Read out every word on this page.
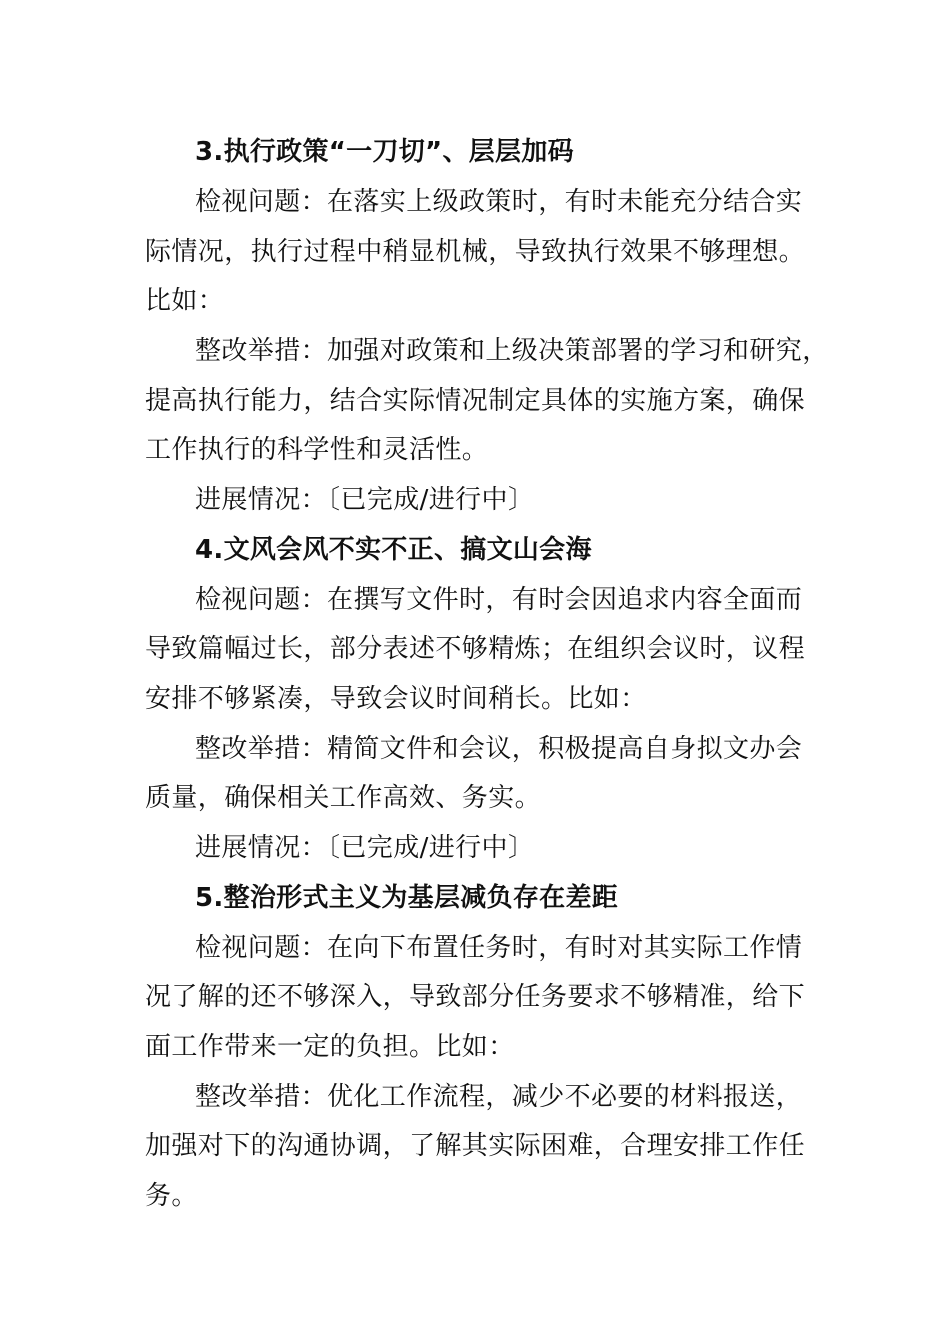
3.执行政策“一刀切”、层层加码
检视问题：在落实上级政策时，有时未能充分结合实
际情况，执行过程中稍显机械，导致执行效果不够理想。
比如：
整改举措：加强对政策和上级决策部署的学习和研究，
提高执行能力，结合实际情况制定具体的实施方案，确保
工作执行的科学性和灵活性。
进展情况：〔已完成/进行中〕
4.文风会风不实不正、搞文山会海
检视问题：在撰写文件时，有时会因追求内容全面而
导致篇幅过长，部分表述不够精炼；在组织会议时，议程
安排不够紧凑，导致会议时间稍长。比如：
整改举措：精简文件和会议，积极提高自身拟文办会
质量，确保相关工作高效、务实。
进展情况：〔已完成/进行中〕
5.整治形式主义为基层减负存在差距
检视问题：在向下布置任务时，有时对其实际工作情
况了解的还不够深入，导致部分任务要求不够精准，给下
面工作带来一定的负担。比如：
整改举措：优化工作流程，减少不必要的材料报送，
加强对下的沟通协调，了解其实际困难，合理安排工作任
务。
